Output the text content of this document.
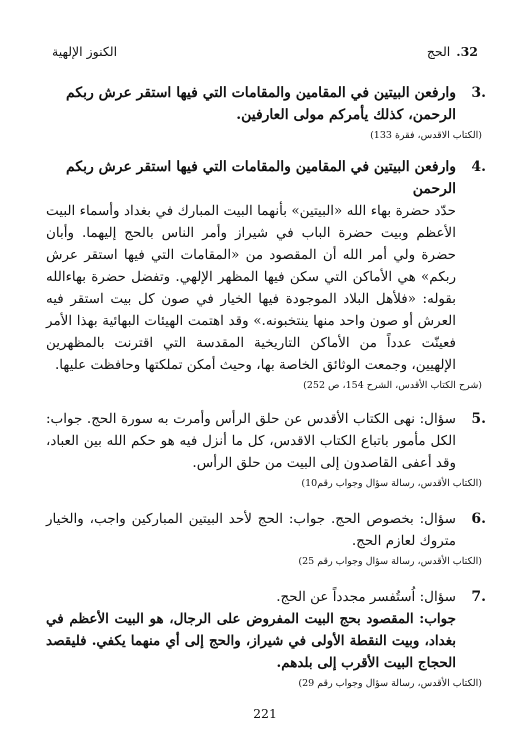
32.
الحج
الكنوز الإلهية
3.
وارفعن البيتين في المقامين والمقامات التي فيها استقر عرش ربكم الرحمن، كذلك يأمركم مولى العارفين.
(الكتاب الاقدس، فقرة 133)
4.
وارفعن البيتين في المقامين والمقامات التي فيها استقر عرش ربكم الرحمن
حدّد حضرة بهاء الله «البيتين» بأنهما البيت المبارك في بغداد وأسماء البيت الأعظم وبيت حضرة الباب في شيراز وأمر الناس بالحج إليهما. وأبان حضرة ولي أمر الله أن المقصود من «المقامات التي فيها استقر عرش ربكم» هي الأماكن التي سكن فيها المظهر الإلهي. وتفضل حضرة بهاءالله بقوله: «فلأهل البلاد الموجودة فيها الخيار في صون كل بيت استقر فيه العرش أو صون واحد منها ينتخبونه.» وقد اهتمت الهيئات البهائية بهذا الأمر فعينّت عدداً من الأماكن التاريخية المقدسة التي اقترنت بالمظهرين الإلهيين، وجمعت الوثائق الخاصة بها، وحيث أمكن تملكتها وحافظت عليها.
(شرح الكتاب الأقدس، الشرح 154، ص 252)
5.
سؤال: نهى الكتاب الأقدس عن حلق الرأس وأمرت به سورة الحج. جواب: الكل مأمور باتباع الكتاب الاقدس، كل ما أنزل فيه هو حكم الله بين العباد، وقد أعفى القاصدون إلى البيت من حلق الرأس.
(الكتاب الأقدس، رسالة سؤال وجواب رقم10)
6.
سؤال: بخصوص الحج. جواب: الحج لأحد البيتين المباركين واجب، والخيار متروك لعازم الحج.
(الكتاب الأقدس، رسالة سؤال وجواب رقم 25)
7.
سؤال: اُستُفسر مجدداً عن الحج.
جواب: المقصود بحج البيت المفروض على الرجال، هو البيت الأعظم في بغداد، وبيت النقطة الأولى في شيراز، والحج إلى أي منهما يكفي. فليقصد الحجاج البيت الأقرب إلى بلدهم.
(الكتاب الأقدس، رسالة سؤال وجواب رقم 29)
221
